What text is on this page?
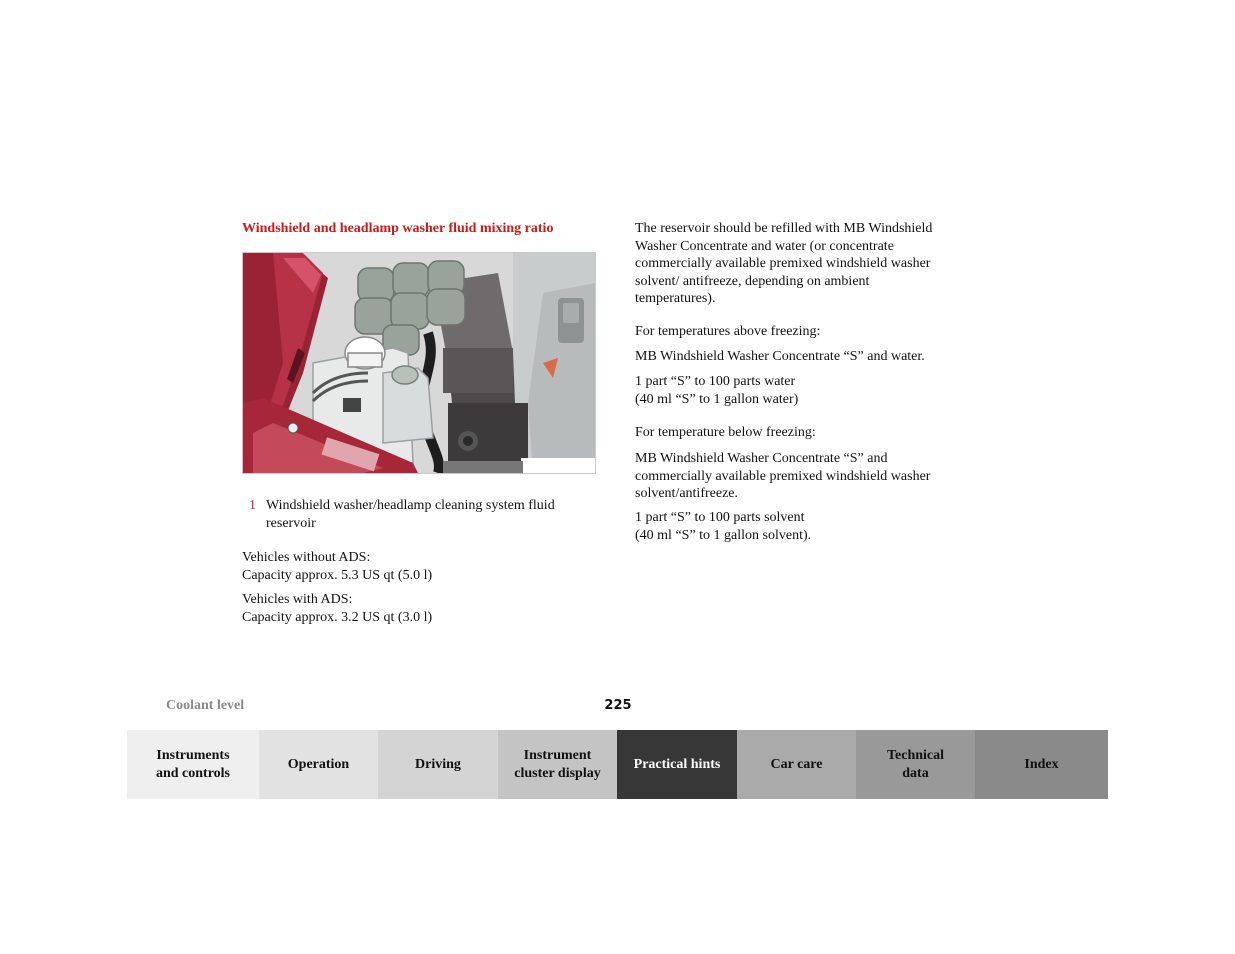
Windshield and headlamp washer fluid mixing ratio
1 Windshield washer/headlamp cleaning system fluid reservoir
Vehicles without ADS:
Capacity approx. 5.3 US qt (5.0 l)
Vehicles with ADS:
Capacity approx. 3.2 US qt (3.0 l)
The reservoir should be refilled with MB Windshield
Washer Concentrate and water (or concentrate
commercially available premixed windshield washer
solvent/ antifreeze, depending on ambient
temperatures).
For temperatures above freezing:
MB Windshield Washer Concentrate “S” and water.
1 part “S” to 100 parts water
(40 ml “S” to 1 gallon water)
For temperature below freezing:
MB Windshield Washer Concentrate “S” and
commercially available premixed windshield washer
solvent/antifreeze.
1 part “S” to 100 parts solvent
(40 ml “S” to 1 gallon solvent).
Coolant level	225
Instruments
and controls
Operation	Driving
Instrument
cluster display
Practical hints	Car care
Technical
data
Index
